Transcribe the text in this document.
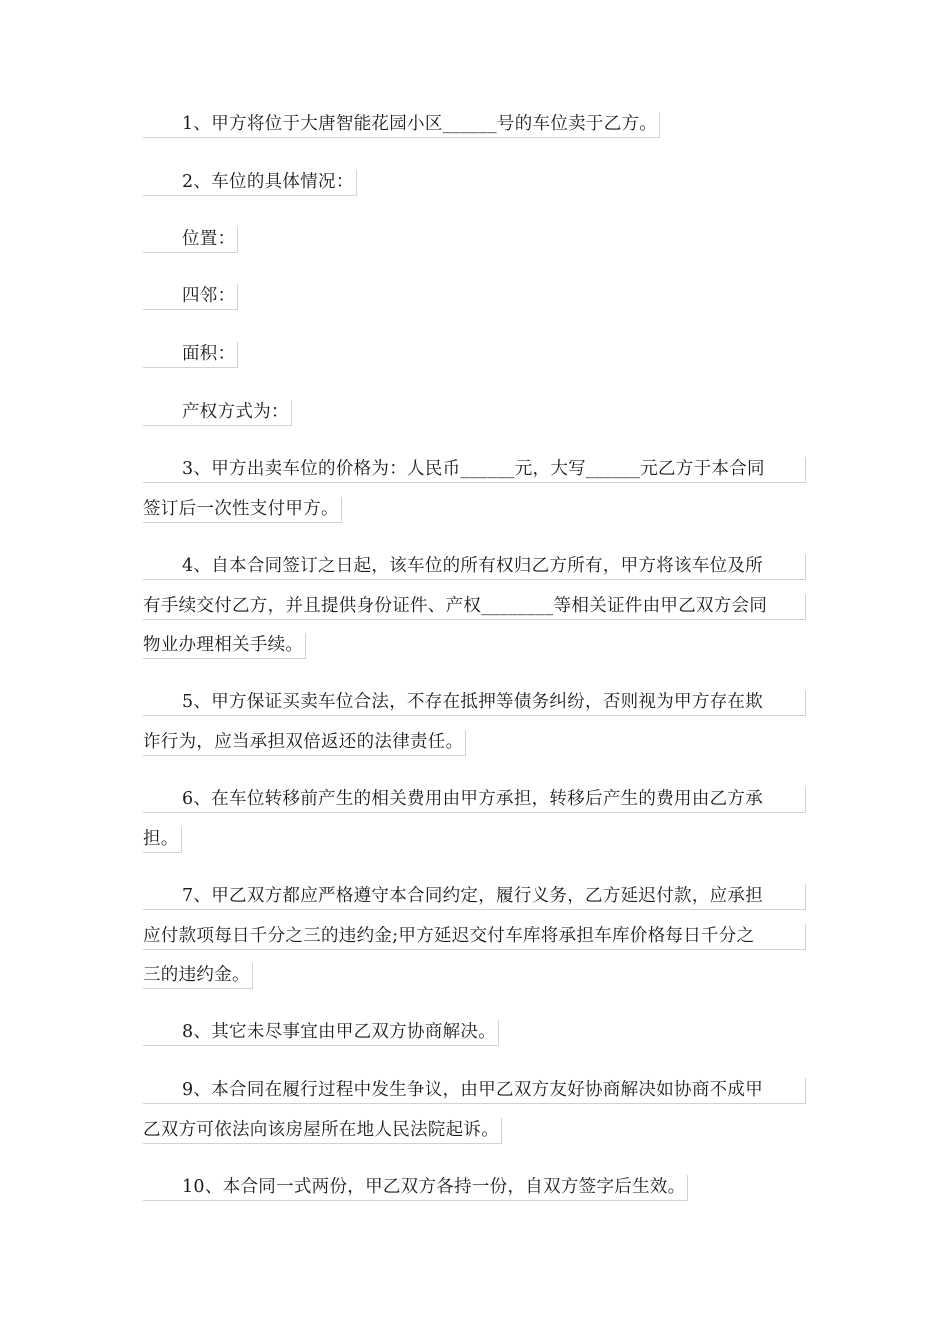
1、甲方将位于大唐智能花园小区______号的车位卖于乙方。
2、车位的具体情况：
位置：
四邻：
面积：
产权方式为：
3、甲方出卖车位的价格为：人民币______元，大写______元乙方于本合同
签订后一次性支付甲方。
4、自本合同签订之日起，该车位的所有权归乙方所有，甲方将该车位及所
有手续交付乙方，并且提供身份证件、产权________等相关证件由甲乙双方会同
物业办理相关手续。
5、甲方保证买卖车位合法，不存在抵押等债务纠纷，否则视为甲方存在欺
诈行为，应当承担双倍返还的法律责任。
6、在车位转移前产生的相关费用由甲方承担，转移后产生的费用由乙方承
担。
7、甲乙双方都应严格遵守本合同约定，履行义务，乙方延迟付款，应承担
应付款项每日千分之三的违约金;甲方延迟交付车库将承担车库价格每日千分之
三的违约金。
8、其它未尽事宜由甲乙双方协商解决。
9、本合同在履行过程中发生争议，由甲乙双方友好协商解决如协商不成甲
乙双方可依法向该房屋所在地人民法院起诉。
10、本合同一式两份，甲乙双方各持一份，自双方签字后生效。
